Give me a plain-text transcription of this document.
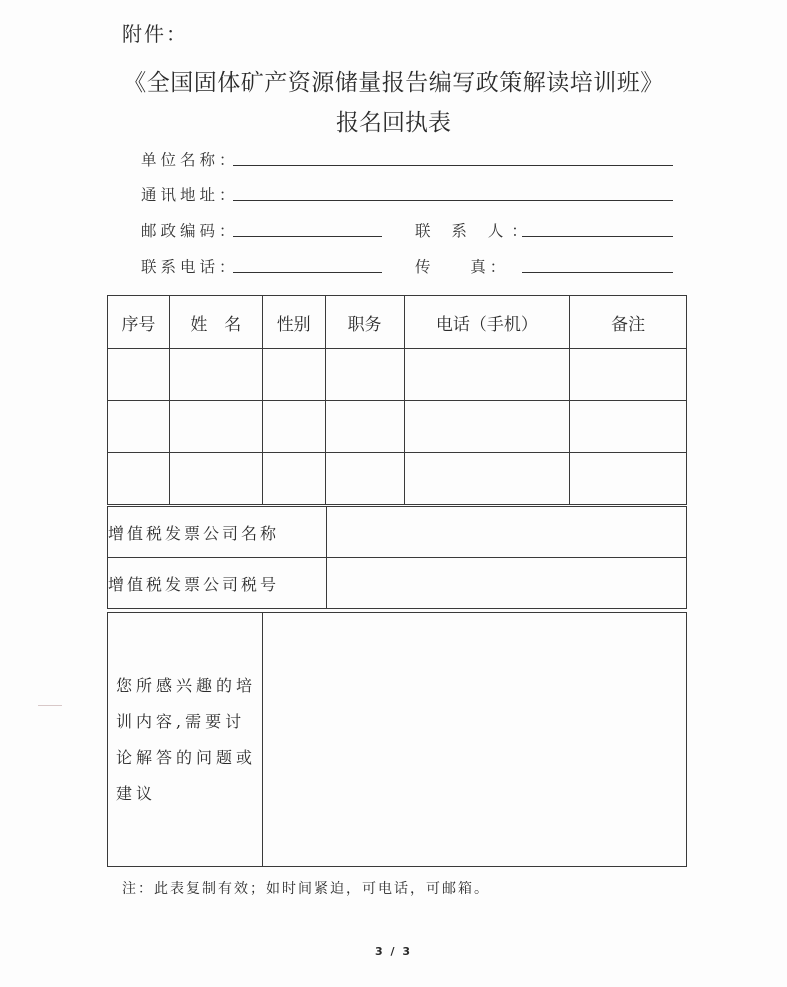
附件：
《全国固体矿产资源储量报告编写政策解读培训班》
报名回执表
单位名称：
通讯地址：
邮政编码：	联 系 人：
联系电话：	传    真：
序号	姓　名	性别	职务	电话（手机）	备注

增值税发票公司名称	
增值税发票公司税号	
您所感兴趣的培训内容,需要讨论解答的问题或建议	
注：此表复制有效；如时间紧迫，可电话，可邮箱。
3 / 3
